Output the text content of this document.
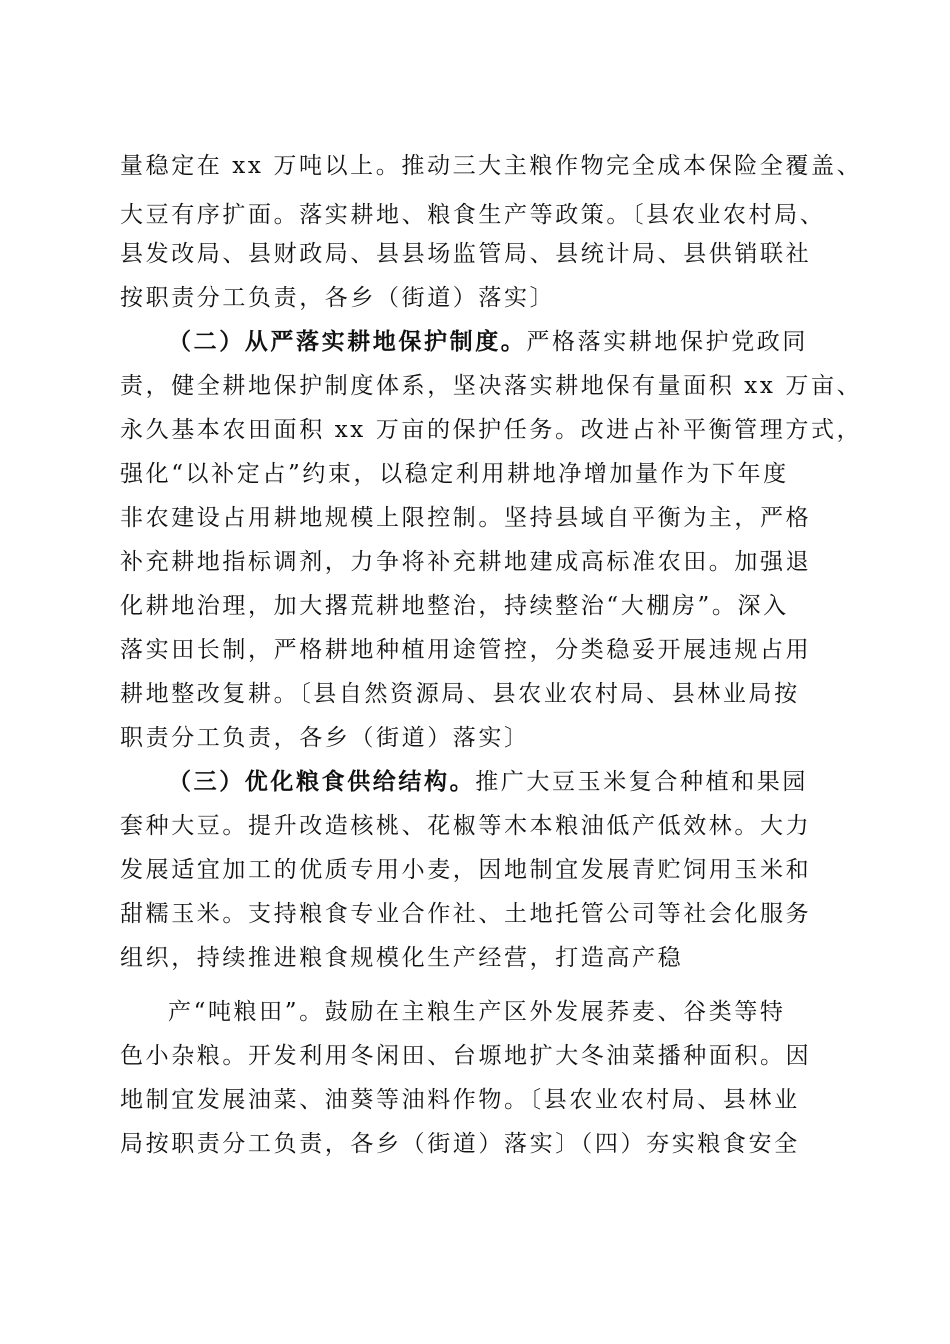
量稳定在 xx 万吨以上。推动三大主粮作物完全成本保险全覆盖、
大豆有序扩面。落实耕地、粮食生产等政策。〔县农业农村局、
县发改局、县财政局、县县场监管局、县统计局、县供销联社
按职责分工负责，各乡（街道）落实〕
（二）从严落实耕地保护制度。严格落实耕地保护党政同
责，健全耕地保护制度体系，坚决落实耕地保有量面积 xx 万亩、
永久基本农田面积 xx 万亩的保护任务。改进占补平衡管理方式，
强化“以补定占”约束，以稳定利用耕地净增加量作为下年度
非农建设占用耕地规模上限控制。坚持县域自平衡为主，严格
补充耕地指标调剂，力争将补充耕地建成高标准农田。加强退
化耕地治理，加大撂荒耕地整治，持续整治“大棚房”。深入
落实田长制，严格耕地种植用途管控，分类稳妥开展违规占用
耕地整改复耕。〔县自然资源局、县农业农村局、县林业局按
职责分工负责，各乡（街道）落实〕
（三）优化粮食供给结构。推广大豆玉米复合种植和果园
套种大豆。提升改造核桃、花椒等木本粮油低产低效林。大力
发展适宜加工的优质专用小麦，因地制宜发展青贮饲用玉米和
甜糯玉米。支持粮食专业合作社、土地托管公司等社会化服务
组织，持续推进粮食规模化生产经营，打造高产稳
产“吨粮田”。鼓励在主粮生产区外发展荞麦、谷类等特
色小杂粮。开发利用冬闲田、台塬地扩大冬油菜播种面积。因
地制宜发展油菜、油葵等油料作物。〔县农业农村局、县林业
局按职责分工负责，各乡（街道）落实〕（四）夯实粮食安全
